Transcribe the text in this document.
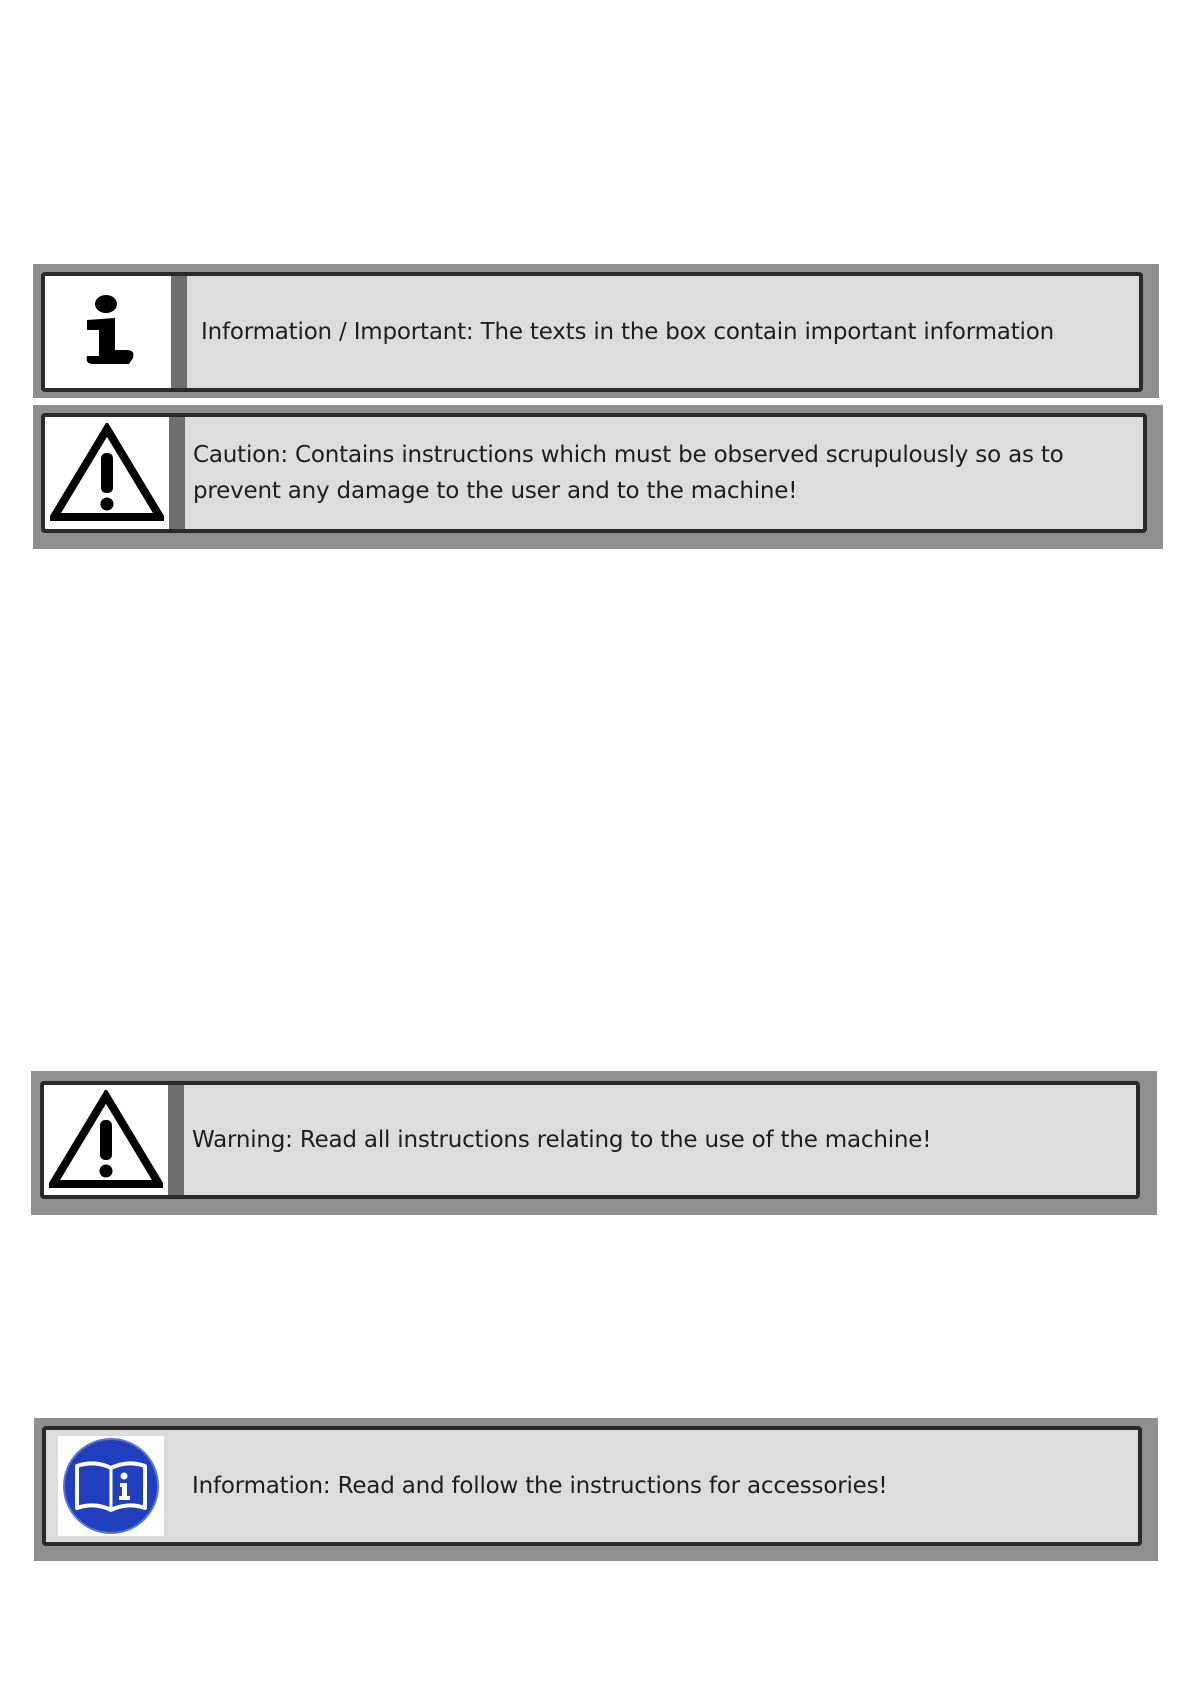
Information / Important: The texts in the box contain important information
Caution: Contains instructions which must be observed scrupulously so as to
prevent any damage to the user and to the machine!
Warning: Read all instructions relating to the use of the machine!
Information: Read and follow the instructions for accessories!
